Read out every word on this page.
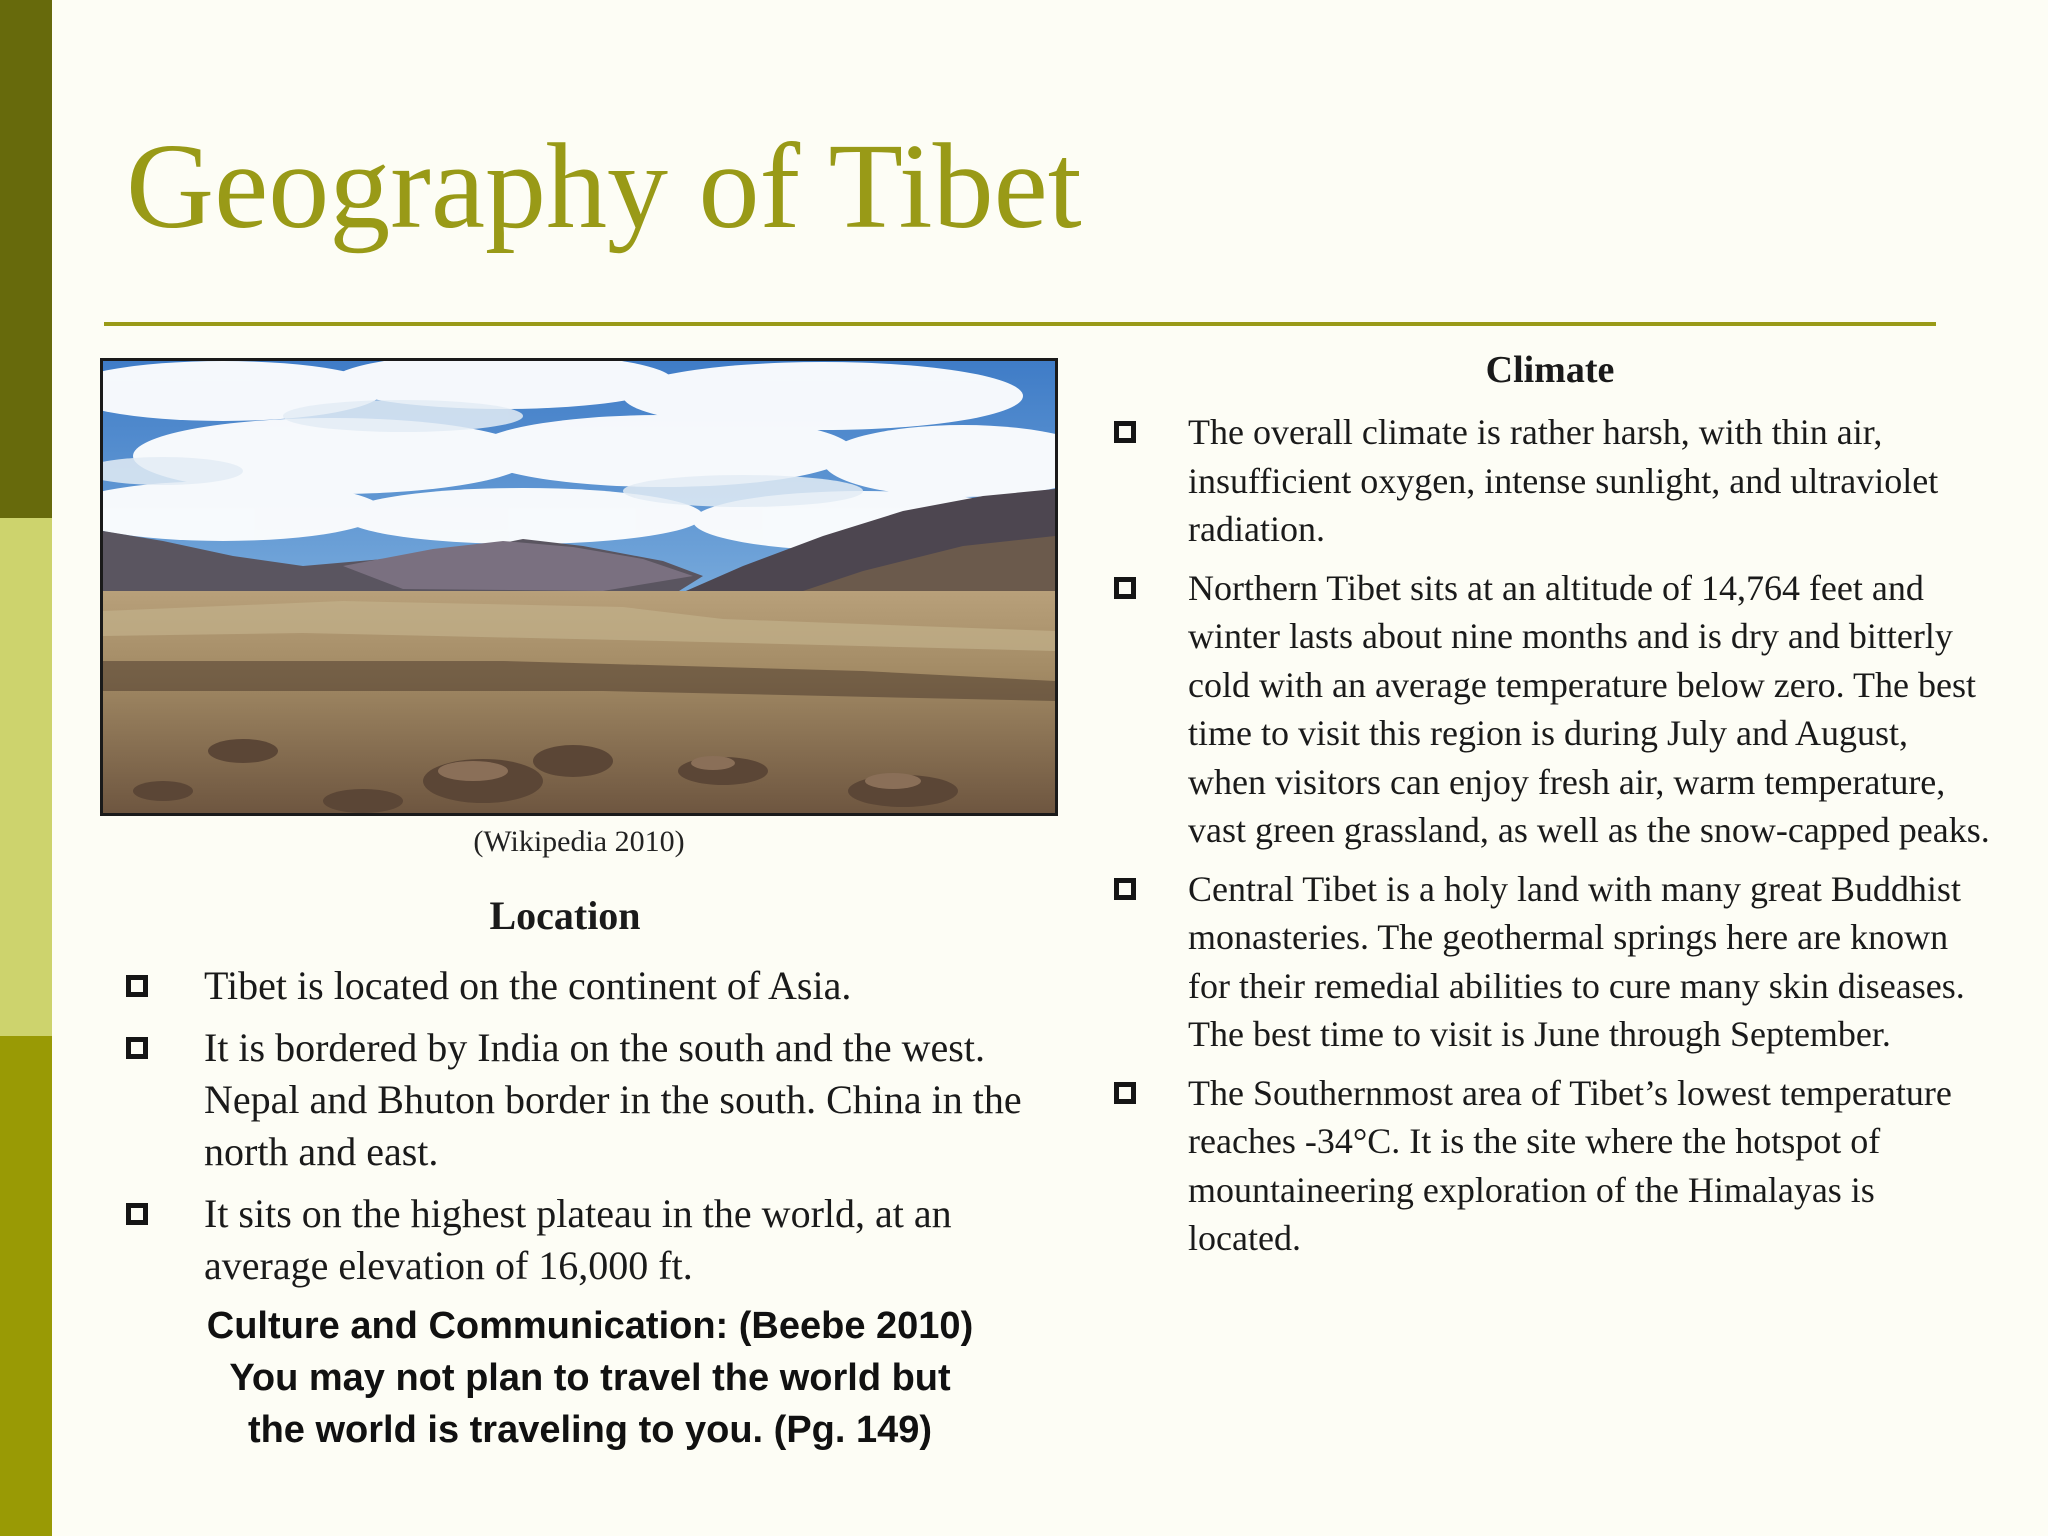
Geography of Tibet
(Wikipedia 2010)
Location
Tibet is located on the continent of Asia.
It is bordered by India on the south and the west. Nepal and Bhuton border in the south. China in the north and east.
It sits on the highest plateau in the world, at an average elevation of 16,000 ft.
Culture and Communication: (Beebe 2010)
You may not plan to travel the world but
the world is traveling to you. (Pg. 149)
Climate
The overall climate is rather harsh, with thin air, insufficient oxygen, intense sunlight, and ultraviolet radiation.
Northern Tibet sits at an altitude of 14,764 feet and winter lasts about nine months and is dry and bitterly cold with an average temperature below zero. The best time to visit this region is during July and August, when visitors can enjoy fresh air, warm temperature, vast green grassland, as well as the snow-capped peaks.
Central Tibet is a holy land with many great Buddhist monasteries. The geothermal springs here are known for their remedial abilities to cure many skin diseases. The best time to visit is June through September.
The Southernmost area of Tibet’s lowest temperature reaches -34°C. It is the site where the hotspot of mountaineering exploration of the Himalayas is located.
